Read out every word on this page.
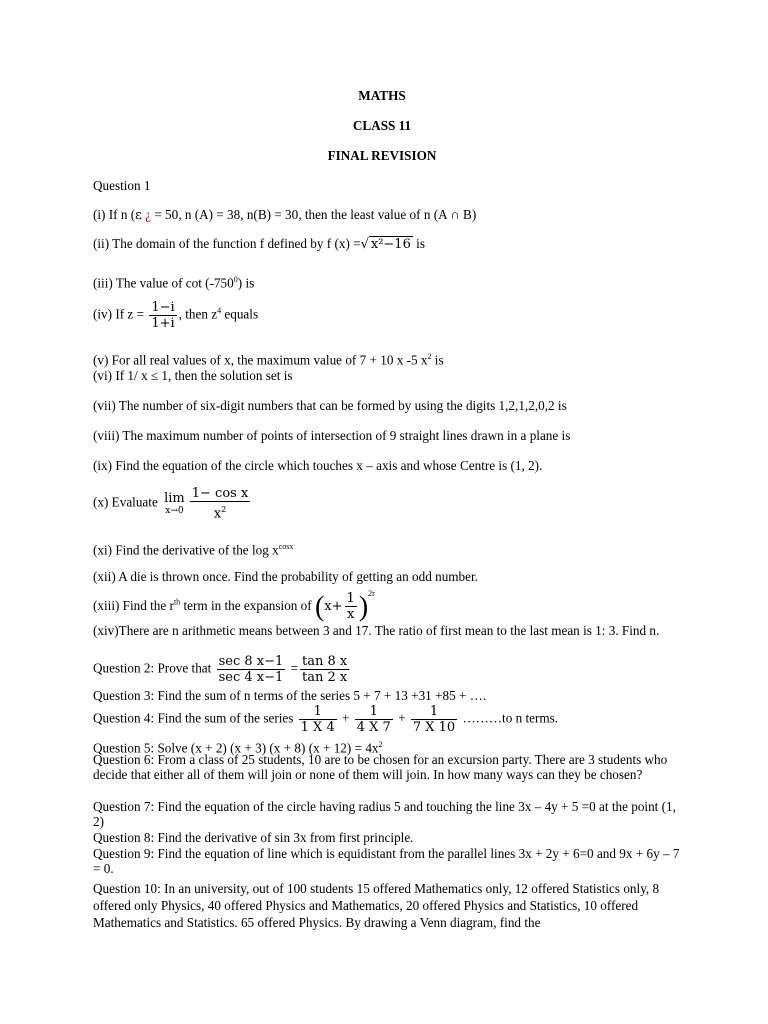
MATHS
CLASS 11
FINAL REVISION
Question 1
(i) If n (ε ¿ = 50, n (A) = 38, n(B) = 30, then the least value of n (A ∩ B)
(ii) The domain of the function f defined by f (x) =√ x²−16 is
(iii) The value of $\cot (-750^0)$ is
(iv) If $z = \frac{1-i}{1+i}$ , then $z^4$ equals
(v) For all real values of x, the maximum value of 7 + 10 x -5 $x^2$ is
(vi) If 1/ x ≤ 1, then the solution set is
(vii) The number of six-digit numbers that can be formed by using the digits 1,2,1,2,0,2 is
(viii) The maximum number of points of intersection of 9 straight lines drawn in a plane is
(ix) Find the equation of the circle which touches x – axis and whose Centre is (1, 2).
(x) Evaluate lim
$x\to 0 \frac{\text{1− cos x}}{x^2}$
(xi) Find the derivative of the $\log x^{cosx}$
(xii) A die is thrown once. Find the probability of getting an odd number.
(xiii) Find the $r^{th}$ term in the expansion of $(x+ \frac{1}{x} )^{2r}$
(xiv)There are n arithmetic means between 3 and 17. The ratio of first mean to the last mean is 1: 3. Find n.
Question 2: Prove that $\frac{\sec 8 x-1}{\sec 4 x-1} = \frac{\tan 8 x}{\tan 2 x}$
Question 3: Find the sum of n terms of the series 5 + 7 + 13 +31 +85 + ….
Question 4: Find the sum of the series $\frac{1}{1 X 4} + \frac{1}{4 X 7} + \frac{1}{7 X 10}$ ………to n terms.
Question 5: Solve (x + 2) (x + 3) (x + 8) $(x + 12) = 4x^2$
Question 6: From a class of 25 students, 10 are to be chosen for an excursion party. There are 3 students who decide that either all of them will join or none of them will join. In how many ways can they be chosen?
Question 7: Find the equation of the circle having radius 5 and touching the line 3x – 4y + 5 =0 at the point (1, 2)
Question 8: Find the derivative of sin 3x from first principle.
Question 9: Find the equation of line which is equidistant from the parallel lines 3x + 2y + 6=0 and 9x + 6y – 7 = 0.
Question 10: In an university, out of 100 students 15 offered Mathematics only, 12 offered Statistics only, 8 offered only Physics, 40 offered Physics and Mathematics, 20 offered Physics and Statistics, 10 offered Mathematics and Statistics. 65 offered Physics. By drawing a Venn diagram, find the
